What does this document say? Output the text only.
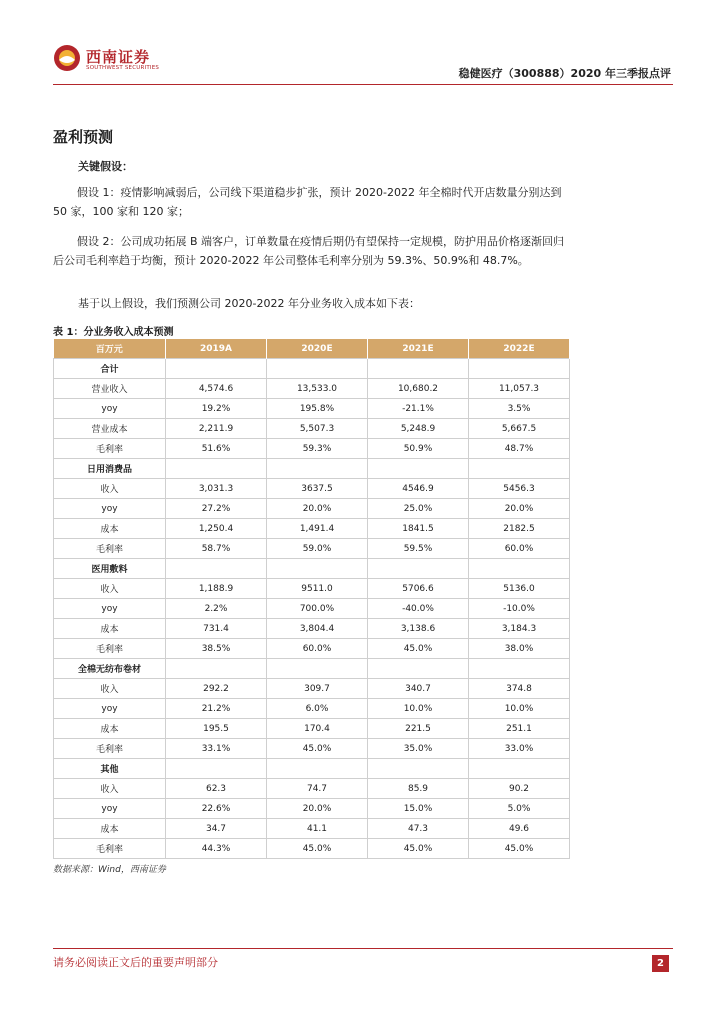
西南证券
SOUTHWEST SECURITIES	稳健医疗（300888）2020 年三季报点评
盈利预测
关键假设：
假设 1：疫情影响减弱后，公司线下渠道稳步扩张，预计 2020-2022 年全棉时代开店数量分别达到 50 家，100 家和 120 家；
假设 2：公司成功拓展 B 端客户，订单数量在疫情后期仍有望保持一定规模，防护用品价格逐渐回归后公司毛利率趋于均衡，预计 2020-2022 年公司整体毛利率分别为 59.3%、50.9%和 48.7%。
基于以上假设，我们预测公司 2020-2022 年分业务收入成本如下表：
表 1：分业务收入成本预测
百万元	2019A	2020E	2021E	2022E
合计				
营业收入	4,574.6	13,533.0	10,680.2	11,057.3
yoy	19.2%	195.8%	-21.1%	3.5%
营业成本	2,211.9	5,507.3	5,248.9	5,667.5
毛利率	51.6%	59.3%	50.9%	48.7%
日用消费品				
收入	3,031.3	3637.5	4546.9	5456.3
yoy	27.2%	20.0%	25.0%	20.0%
成本	1,250.4	1,491.4	1841.5	2182.5
毛利率	58.7%	59.0%	59.5%	60.0%
医用敷料				
收入	1,188.9	9511.0	5706.6	5136.0
yoy	2.2%	700.0%	-40.0%	-10.0%
成本	731.4	3,804.4	3,138.6	3,184.3
毛利率	38.5%	60.0%	45.0%	38.0%
全棉无纺布卷材				
收入	292.2	309.7	340.7	374.8
yoy	21.2%	6.0%	10.0%	10.0%
成本	195.5	170.4	221.5	251.1
毛利率	33.1%	45.0%	35.0%	33.0%
其他				
收入	62.3	74.7	85.9	90.2
yoy	22.6%	20.0%	15.0%	5.0%
成本	34.7	41.1	47.3	49.6
毛利率	44.3%	45.0%	45.0%	45.0%
数据来源：Wind，西南证券
请务必阅读正文后的重要声明部分	2
